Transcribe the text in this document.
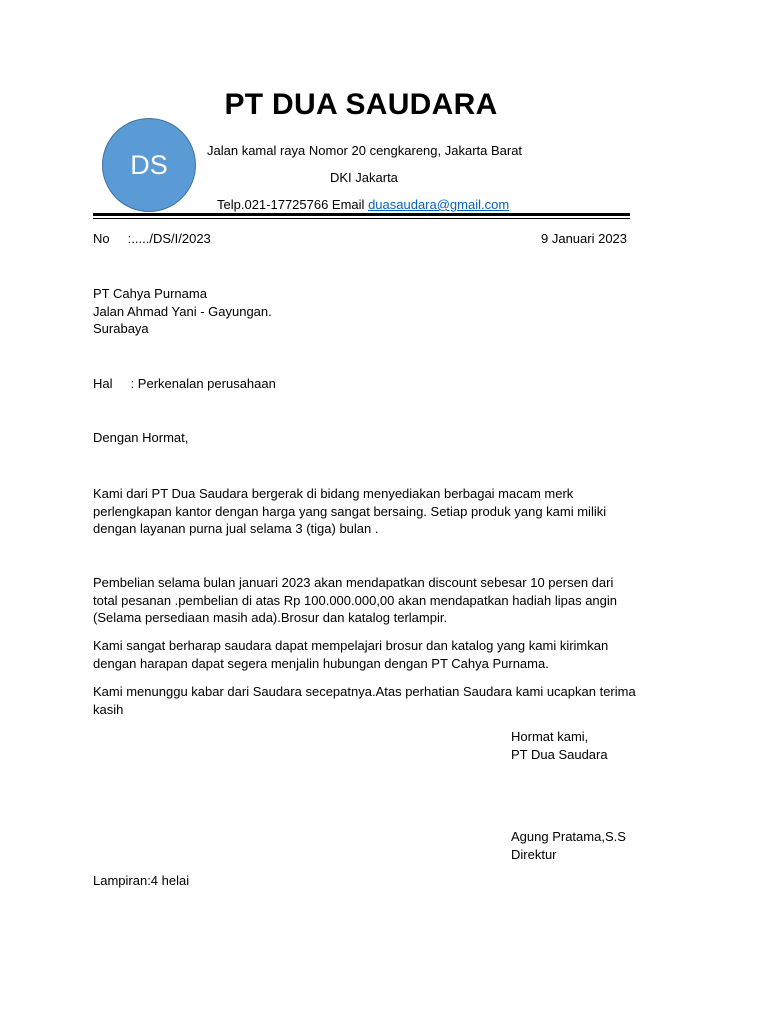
PT DUA SAUDARA
DS	Jalan kamal raya Nomor 20 cengkareng, Jakarta Barat
DKI Jakarta
Telp.021-17725766 Email duasaudara@gmail.com
No     :...../DS/I/2023	9 Januari 2023
PT Cahya Purnama
Jalan Ahmad Yani - Gayungan.
Surabaya
Hal     : Perkenalan perusahaan
Dengan Hormat,
Kami dari PT Dua Saudara bergerak di bidang menyediakan berbagai macam merk
perlengkapan kantor dengan harga yang sangat bersaing. Setiap produk yang kami miliki
dengan layanan purna jual selama 3 (tiga) bulan .
Pembelian selama bulan januari 2023 akan mendapatkan discount sebesar 10 persen dari
total pesanan .pembelian di atas Rp 100.000.000,00 akan mendapatkan hadiah lipas angin
(Selama persediaan masih ada).Brosur dan katalog terlampir.
Kami sangat berharap saudara dapat mempelajari brosur dan katalog yang kami kirimkan
dengan harapan dapat segera menjalin hubungan dengan PT Cahya Purnama.
Kami menunggu kabar dari Saudara secepatnya.Atas perhatian Saudara kami ucapkan terima
kasih
Hormat kami,
PT Dua Saudara
Agung Pratama,S.S
Direktur
Lampiran:4 helai
